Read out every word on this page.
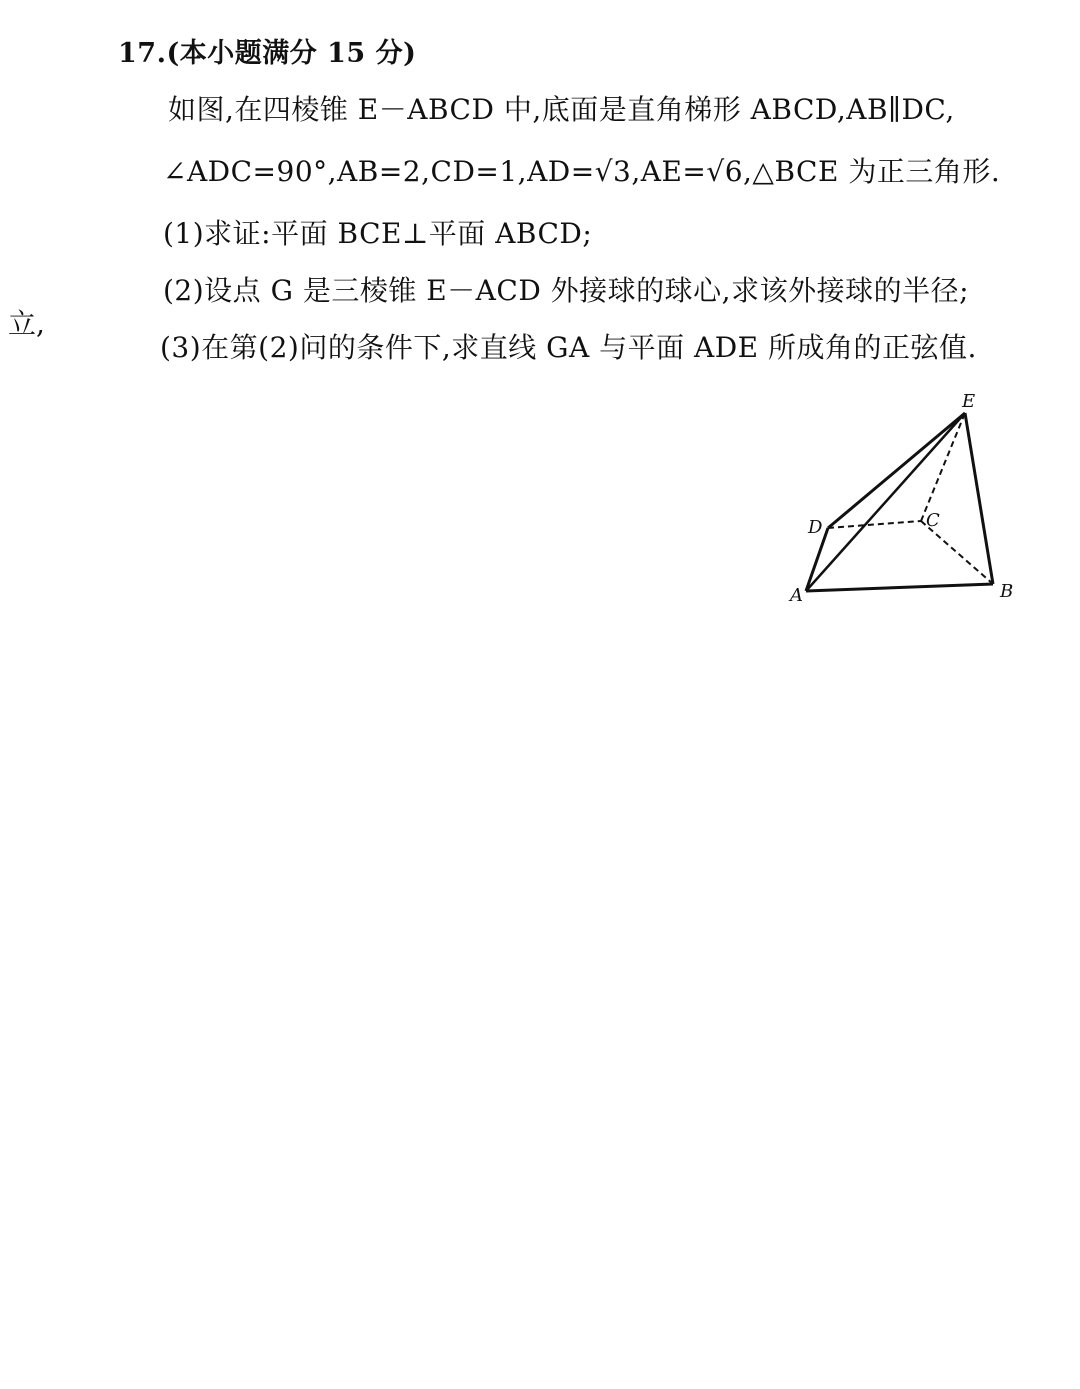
17.(本小题满分 15 分)
如图,在四棱锥 E－ABCD 中,底面是直角梯形 ABCD,AB∥DC,
∠ADC=90°,AB=2,CD=1,AD=√3,AE=√6,△BCE 为正三角形.
(1)求证:平面 BCE⊥平面 ABCD;
(2)设点 G 是三棱锥 E－ACD 外接球的球心,求该外接球的半径;
立,
(3)在第(2)问的条件下,求直线 GA 与平面 ADE 所成角的正弦值.
E
D	C
A	B
